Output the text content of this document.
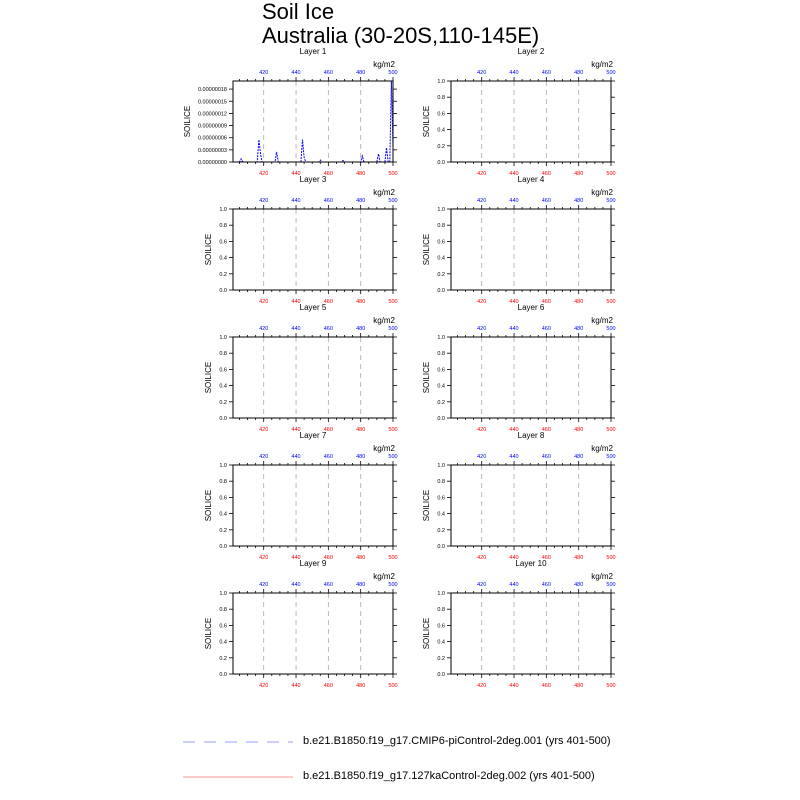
Soil Ice
Australia (30-20S,110-145E)
420
420
440
440
460
460
480
480
500
500
0.00000000
0.00000003
0.00000006
0.00000009
0.00000012
0.00000015
0.00000018
SOILICE
Layer 1
kg/m2
420
420
440
440
460
460
480
480
500
500
0.0
0.2
0.4
0.6
0.8
1.0
SOILICE
Layer 2
kg/m2
420
420
440
440
460
460
480
480
500
500
0.0
0.2
0.4
0.6
0.8
1.0
SOILICE
Layer 3
kg/m2
420
420
440
440
460
460
480
480
500
500
0.0
0.2
0.4
0.6
0.8
1.0
SOILICE
Layer 4
kg/m2
420
420
440
440
460
460
480
480
500
500
0.0
0.2
0.4
0.6
0.8
1.0
SOILICE
Layer 5
kg/m2
420
420
440
440
460
460
480
480
500
500
0.0
0.2
0.4
0.6
0.8
1.0
SOILICE
Layer 6
kg/m2
420
420
440
440
460
460
480
480
500
500
0.0
0.2
0.4
0.6
0.8
1.0
SOILICE
Layer 7
kg/m2
420
420
440
440
460
460
480
480
500
500
0.0
0.2
0.4
0.6
0.8
1.0
SOILICE
Layer 8
kg/m2
420
420
440
440
460
460
480
480
500
500
0.0
0.2
0.4
0.6
0.8
1.0
SOILICE
Layer 9
kg/m2
420
420
440
440
460
460
480
480
500
500
0.0
0.2
0.4
0.6
0.8
1.0
SOILICE
Layer 10
kg/m2
b.e21.B1850.f19_g17.CMIP6-piControl-2deg.001 (yrs 401-500)
b.e21.B1850.f19_g17.127kaControl-2deg.002 (yrs 401-500)
